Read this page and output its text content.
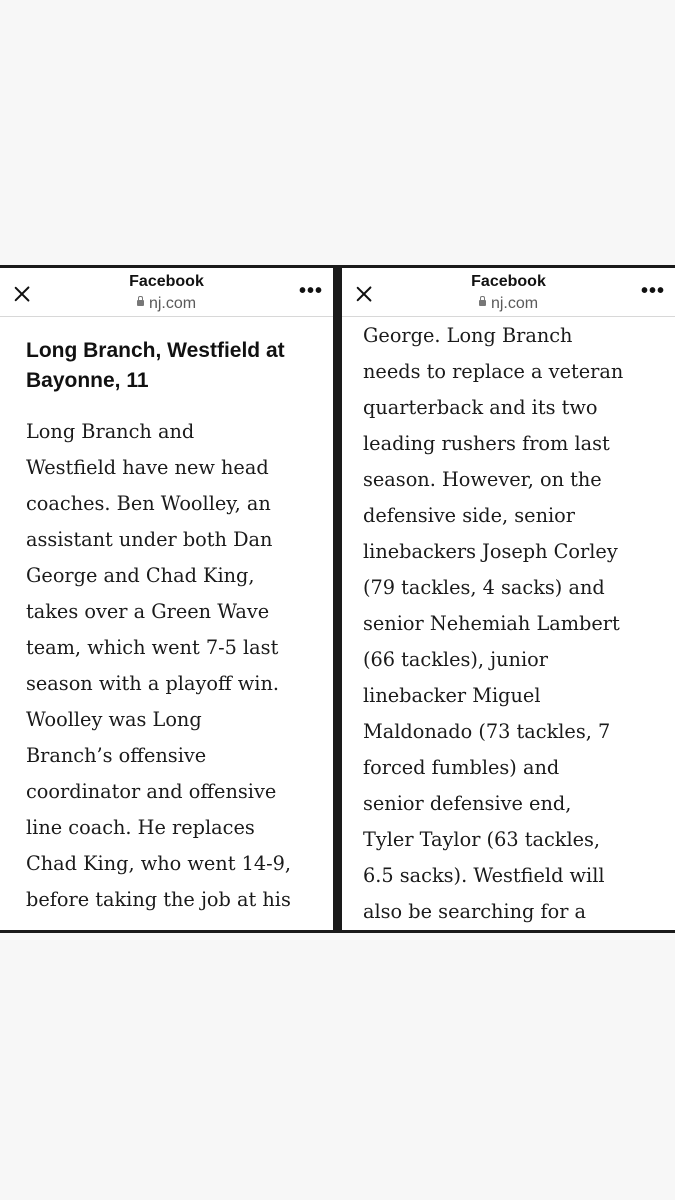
Facebook
nj.com
•••
Long Branch, Westfield at
Bayonne, 11

Long Branch and
Westfield have new head
coaches. Ben Woolley, an
assistant under both Dan
George and Chad King,
takes over a Green Wave
team, which went 7-5 last
season with a playoff win.
Woolley was Long
Branch’s offensive
coordinator and offensive
line coach. He replaces
Chad King, who went 14-9,
before taking the job at his

Facebook
nj.com
•••

George. Long Branch
needs to replace a veteran
quarterback and its two
leading rushers from last
season. However, on the
defensive side, senior
linebackers Joseph Corley
(79 tackles, 4 sacks) and
senior Nehemiah Lambert
(66 tackles), junior
linebacker Miguel
Maldonado (73 tackles, 7
forced fumbles) and
senior defensive end,
Tyler Taylor (63 tackles,
6.5 sacks). Westfield will
also be searching for a
